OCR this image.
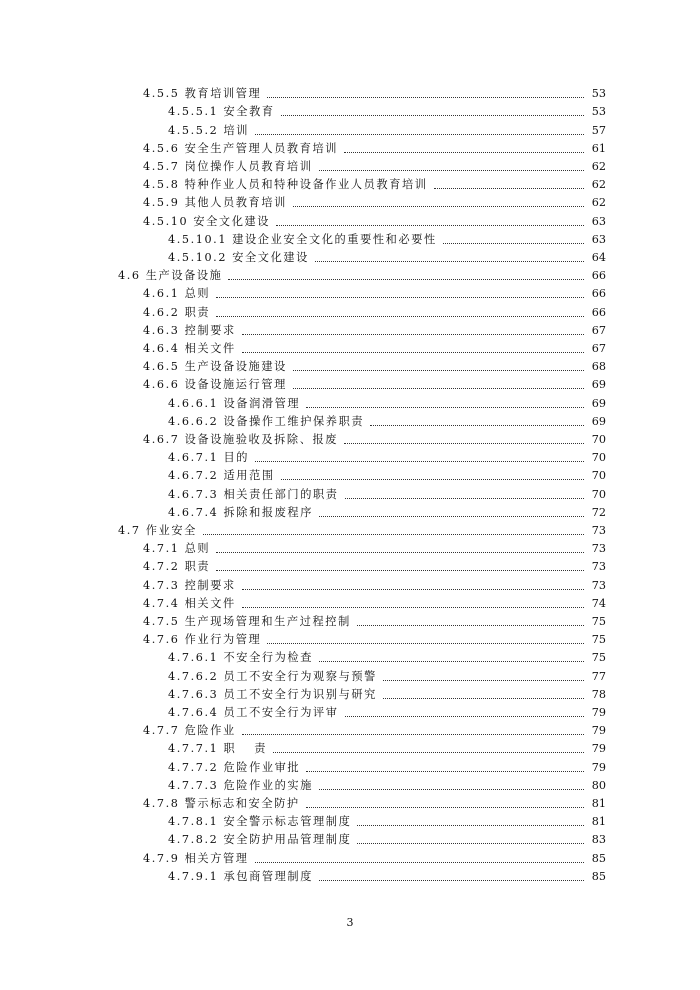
4.5.5 教育培训管理	53
4.5.5.1 安全教育	53
4.5.5.2 培训	57
4.5.6 安全生产管理人员教育培训	61
4.5.7 岗位操作人员教育培训	62
4.5.8 特种作业人员和特种设备作业人员教育培训	62
4.5.9 其他人员教育培训	62
4.5.10 安全文化建设	63
4.5.10.1 建设企业安全文化的重要性和必要性	63
4.5.10.2 安全文化建设	64
4.6 生产设备设施	66
4.6.1 总则	66
4.6.2 职责	66
4.6.3 控制要求	67
4.6.4 相关文件	67
4.6.5 生产设备设施建设	68
4.6.6 设备设施运行管理	69
4.6.6.1 设备润滑管理	69
4.6.6.2 设备操作工维护保养职责	69
4.6.7 设备设施验收及拆除、报废	70
4.6.7.1 目的	70
4.6.7.2 适用范围	70
4.6.7.3 相关责任部门的职责	70
4.6.7.4 拆除和报废程序	72
4.7 作业安全	73
4.7.1 总则	73
4.7.2 职责	73
4.7.3 控制要求	73
4.7.4 相关文件	74
4.7.5 生产现场管理和生产过程控制	75
4.7.6 作业行为管理	75
4.7.6.1 不安全行为检查	75
4.7.6.2 员工不安全行为观察与预警	77
4.7.6.3 员工不安全行为识别与研究	78
4.7.6.4 员工不安全行为评审	79
4.7.7 危险作业	79
4.7.7.1 职　 责	79
4.7.7.2 危险作业审批	79
4.7.7.3 危险作业的实施	80
4.7.8 警示标志和安全防护	81
4.7.8.1 安全警示标志管理制度	81
4.7.8.2 安全防护用品管理制度	83
4.7.9 相关方管理	85
4.7.9.1 承包商管理制度	85
3
